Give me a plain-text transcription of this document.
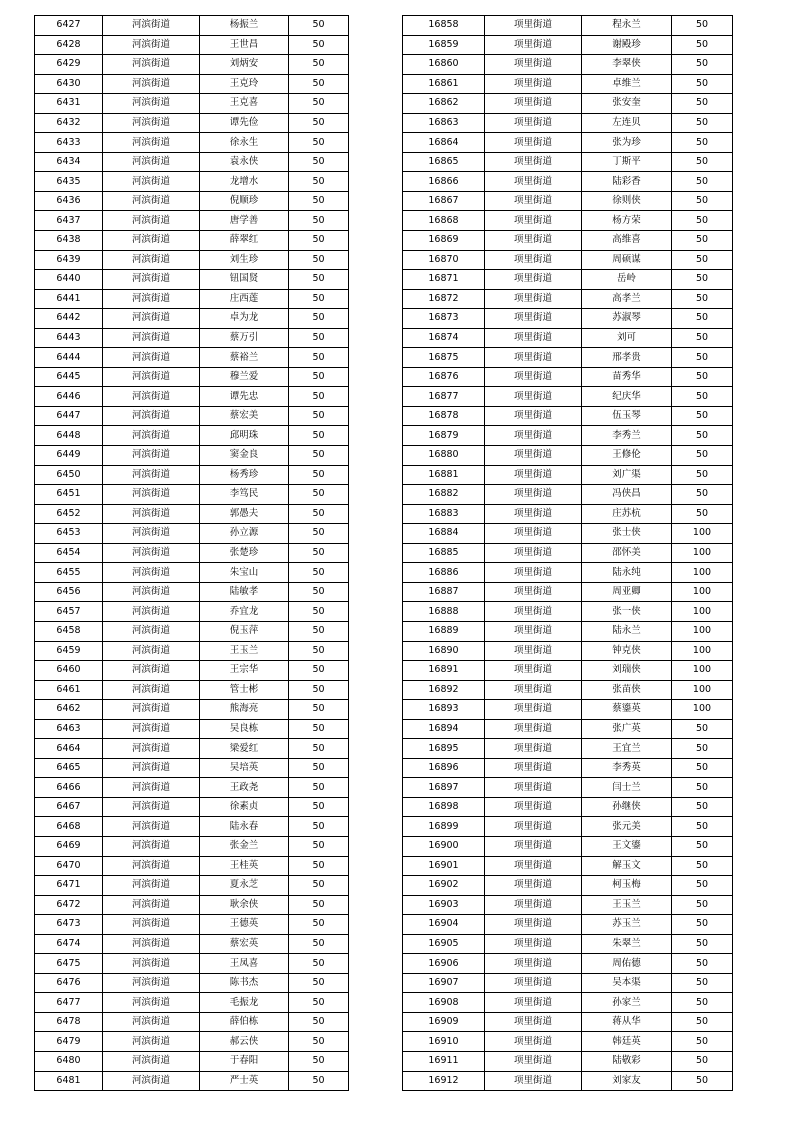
6427	河滨街道	杨振兰	50
6428	河滨街道	王世昌	50
6429	河滨街道	刘炳安	50
6430	河滨街道	王克玲	50
6431	河滨街道	王克喜	50
6432	河滨街道	谭先俭	50
6433	河滨街道	徐永生	50
6434	河滨街道	袁永侠	50
6435	河滨街道	龙增水	50
6436	河滨街道	倪顺珍	50
6437	河滨街道	唐学善	50
6438	河滨街道	薛翠红	50
6439	河滨街道	刘生珍	50
6440	河滨街道	钮国贤	50
6441	河滨街道	庄西莲	50
6442	河滨街道	卓为龙	50
6443	河滨街道	蔡万引	50
6444	河滨街道	蔡裕兰	50
6445	河滨街道	穆兰爱	50
6446	河滨街道	谭先忠	50
6447	河滨街道	蔡宏美	50
6448	河滨街道	邱明珠	50
6449	河滨街道	窦金良	50
6450	河滨街道	杨秀珍	50
6451	河滨街道	李笃民	50
6452	河滨街道	郭愚夫	50
6453	河滨街道	孙立源	50
6454	河滨街道	张楚珍	50
6455	河滨街道	朱宝山	50
6456	河滨街道	陆敏孝	50
6457	河滨街道	乔宜龙	50
6458	河滨街道	倪玉萍	50
6459	河滨街道	王玉兰	50
6460	河滨街道	王宗华	50
6461	河滨街道	管士彬	50
6462	河滨街道	熊海亮	50
6463	河滨街道	吴良栋	50
6464	河滨街道	梁爱红	50
6465	河滨街道	吴培英	50
6466	河滨街道	王政尧	50
6467	河滨街道	徐素贞	50
6468	河滨街道	陆永春	50
6469	河滨街道	张金兰	50
6470	河滨街道	王桂英	50
6471	河滨街道	夏永芝	50
6472	河滨街道	耿余侠	50
6473	河滨街道	王德英	50
6474	河滨街道	蔡宏英	50
6475	河滨街道	王凤喜	50
6476	河滨街道	陈书杰	50
6477	河滨街道	毛振龙	50
6478	河滨街道	薛伯栋	50
6479	河滨街道	郝云侠	50
6480	河滨街道	于春阳	50
6481	河滨街道	严士英	50
16858	项里街道	程永兰	50
16859	项里街道	谢殿珍	50
16860	项里街道	李翠侠	50
16861	项里街道	卓维兰	50
16862	项里街道	张安奎	50
16863	项里街道	左连贝	50
16864	项里街道	张为珍	50
16865	项里街道	丁斯平	50
16866	项里街道	陆彩香	50
16867	项里街道	徐则侠	50
16868	项里街道	杨方荣	50
16869	项里街道	高维喜	50
16870	项里街道	周硕谋	50
16871	项里街道	岳岭	50
16872	项里街道	高孝兰	50
16873	项里街道	苏淑琴	50
16874	项里街道	刘可	50
16875	项里街道	邢孝贵	50
16876	项里街道	苗秀华	50
16877	项里街道	纪庆华	50
16878	项里街道	伍玉琴	50
16879	项里街道	李秀兰	50
16880	项里街道	王修伦	50
16881	项里街道	刘广渠	50
16882	项里街道	冯侠昌	50
16883	项里街道	庄苏杭	50
16884	项里街道	张士侠	100
16885	项里街道	邵怀美	100
16886	项里街道	陆永纯	100
16887	项里街道	周亚卿	100
16888	项里街道	张一侠	100
16889	项里街道	陆永兰	100
16890	项里街道	钟克侠	100
16891	项里街道	刘瑞侠	100
16892	项里街道	张苗侠	100
16893	项里街道	蔡鎏英	100
16894	项里街道	张广英	50
16895	项里街道	王宜兰	50
16896	项里街道	李秀英	50
16897	项里街道	闫士兰	50
16898	项里街道	孙继侠	50
16899	项里街道	张元美	50
16900	项里街道	王文鎏	50
16901	项里街道	解玉文	50
16902	项里街道	柯玉梅	50
16903	项里街道	王玉兰	50
16904	项里街道	苏玉兰	50
16905	项里街道	朱翠兰	50
16906	项里街道	周佑德	50
16907	项里街道	吴本渠	50
16908	项里街道	孙家兰	50
16909	项里街道	蒋从华	50
16910	项里街道	韩廷英	50
16911	项里街道	陆敬彩	50
16912	项里街道	刘家友	50
